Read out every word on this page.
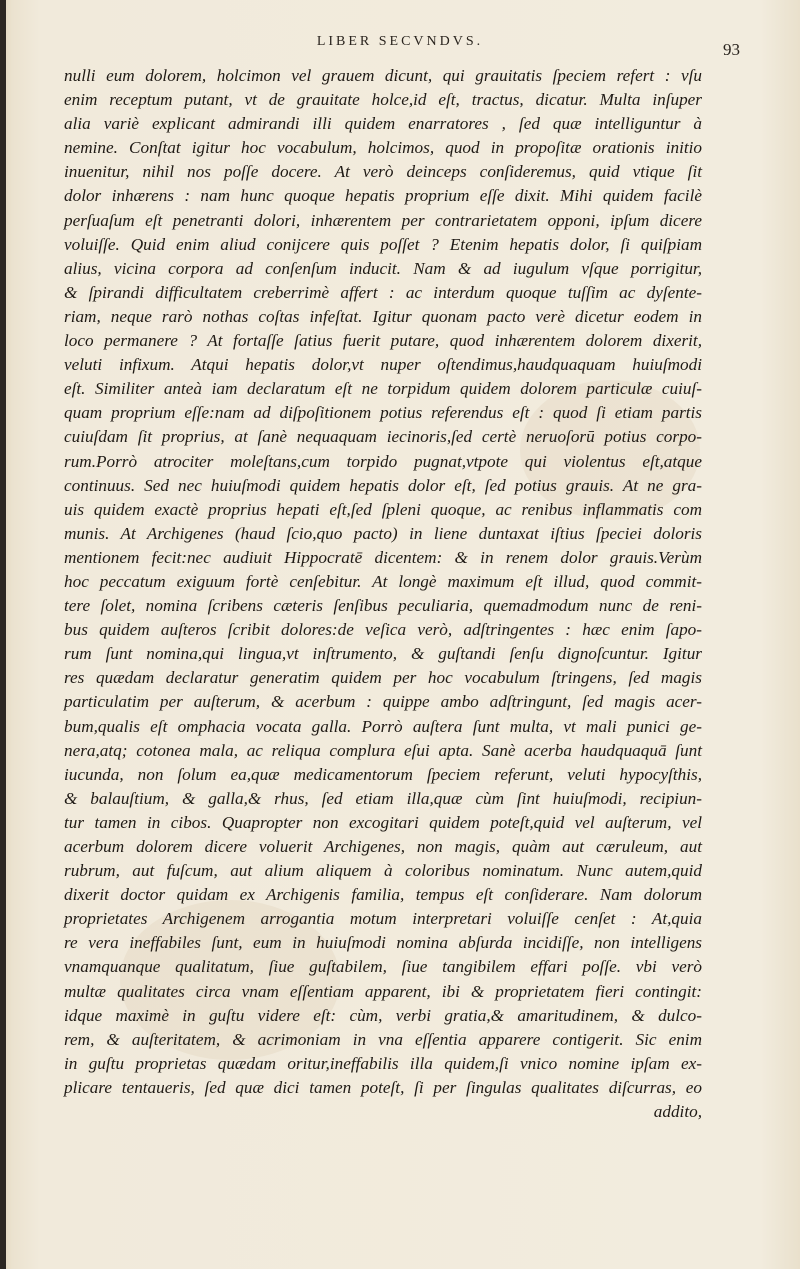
LIBER SECVNDVS.	93
nulli eum dolorem, holcimon vel grauem dicunt, qui grauitatis ſpeciem refert : vſu
enim receptum putant, vt de grauitate holce,id eſt, tractus, dicatur. Multa inſuper
alia variè explicant admirandi illi quidem enarratores , ſed quæ intelliguntur à
nemine. Conſtat igitur hoc vocabulum, holcimos, quod in propoſitæ orationis initio
inuenitur, nihil nos poſſe docere. At verò deinceps conſideremus, quid vtique ſit
dolor inhærens : nam hunc quoque hepatis proprium eſſe dixit. Mihi quidem facilè
perſuaſum eſt penetranti dolori, inhærentem per contrarietatem opponi, ipſum dicere
voluiſſe. Quid enim aliud conijcere quis poſſet ? Etenim hepatis dolor, ſi quiſpiam
alius, vicina corpora ad conſenſum inducit. Nam & ad iugulum vſque porrigitur,
& ſpirandi difficultatem creberrimè affert : ac interdum quoque tuſſim ac dyſente-
riam, neque rarò nothas coſtas infeſtat. Igitur quonam pacto verè dicetur eodem in
loco permanere ? At fortaſſe ſatius fuerit putare, quod inhærentem dolorem dixerit,
veluti infixum. Atqui hepatis dolor,vt nuper oſtendimus,haudquaquam huiuſmodi
eſt. Similiter anteà iam declaratum eſt ne torpidum quidem dolorem particulæ cuiuſ-
quam proprium eſſe:nam ad diſpoſitionem potius referendus eſt : quod ſi etiam partis
cuiuſdam ſit proprius, at ſanè nequaquam iecinoris,ſed certè neruoſorū potius corpo-
rum.Porrò atrociter moleſtans,cum torpido pugnat,vtpote qui violentus eſt,atque
continuus. Sed nec huiuſmodi quidem hepatis dolor eſt, ſed potius grauis. At ne gra-
uis quidem exactè proprius hepati eſt,ſed ſpleni quoque, ac renibus inflammatis com
munis. At Archigenes (haud ſcio,quo pacto) in liene duntaxat iſtius ſpeciei doloris
mentionem fecit:nec audiuit Hippocratē dicentem: & in renem dolor grauis.Verùm
hoc peccatum exiguum fortè cenſebitur. At longè maximum eſt illud, quod commit-
tere ſolet, nomina ſcribens cæteris ſenſibus peculiaria, quemadmodum nunc de reni-
bus quidem auſteros ſcribit dolores:de veſica verò, adſtringentes : hæc enim ſapo-
rum ſunt nomina,qui lingua,vt inſtrumento, & guſtandi ſenſu dignoſcuntur. Igitur
res quædam declaratur generatim quidem per hoc vocabulum ſtringens, ſed magis
particulatim per auſterum, & acerbum : quippe ambo adſtringunt, ſed magis acer-
bum,qualis eſt omphacia vocata galla. Porrò auſtera ſunt multa, vt mali punici ge-
nera,atq; cotonea mala, ac reliqua complura eſui apta. Sanè acerba haudquaquā ſunt
iucunda, non ſolum ea,quæ medicamentorum ſpeciem referunt, veluti hypocyſthis,
& balauſtium, & galla,& rhus, ſed etiam illa,quæ cùm ſint huiuſmodi, recipiun-
tur tamen in cibos. Quapropter non excogitari quidem poteſt,quid vel auſterum, vel
acerbum dolorem dicere voluerit Archigenes, non magis, quàm aut cæruleum, aut
rubrum, aut fuſcum, aut alium aliquem à coloribus nominatum. Nunc autem,quid
dixerit doctor quidam ex Archigenis familia, tempus eſt conſiderare. Nam dolorum
proprietates Archigenem arrogantia motum interpretari voluiſſe cenſet : At,quia
re vera ineffabiles ſunt, eum in huiuſmodi nomina abſurda incidiſſe, non intelligens
vnamquanque qualitatum, ſiue guſtabilem, ſiue tangibilem effari poſſe. vbi verò
multæ qualitates circa vnam eſſentiam apparent, ibi & proprietatem fieri contingit:
idque maximè in guſtu videre eſt: cùm, verbi gratia,& amaritudinem, & dulco-
rem, & auſteritatem, & acrimoniam in vna eſſentia apparere contigerit. Sic enim
in guſtu proprietas quædam oritur,ineffabilis illa quidem,ſi vnico nomine ipſam ex-
plicare tentaueris, ſed quæ dici tamen poteſt, ſi per ſingulas qualitates diſcurras, eo
addito,
